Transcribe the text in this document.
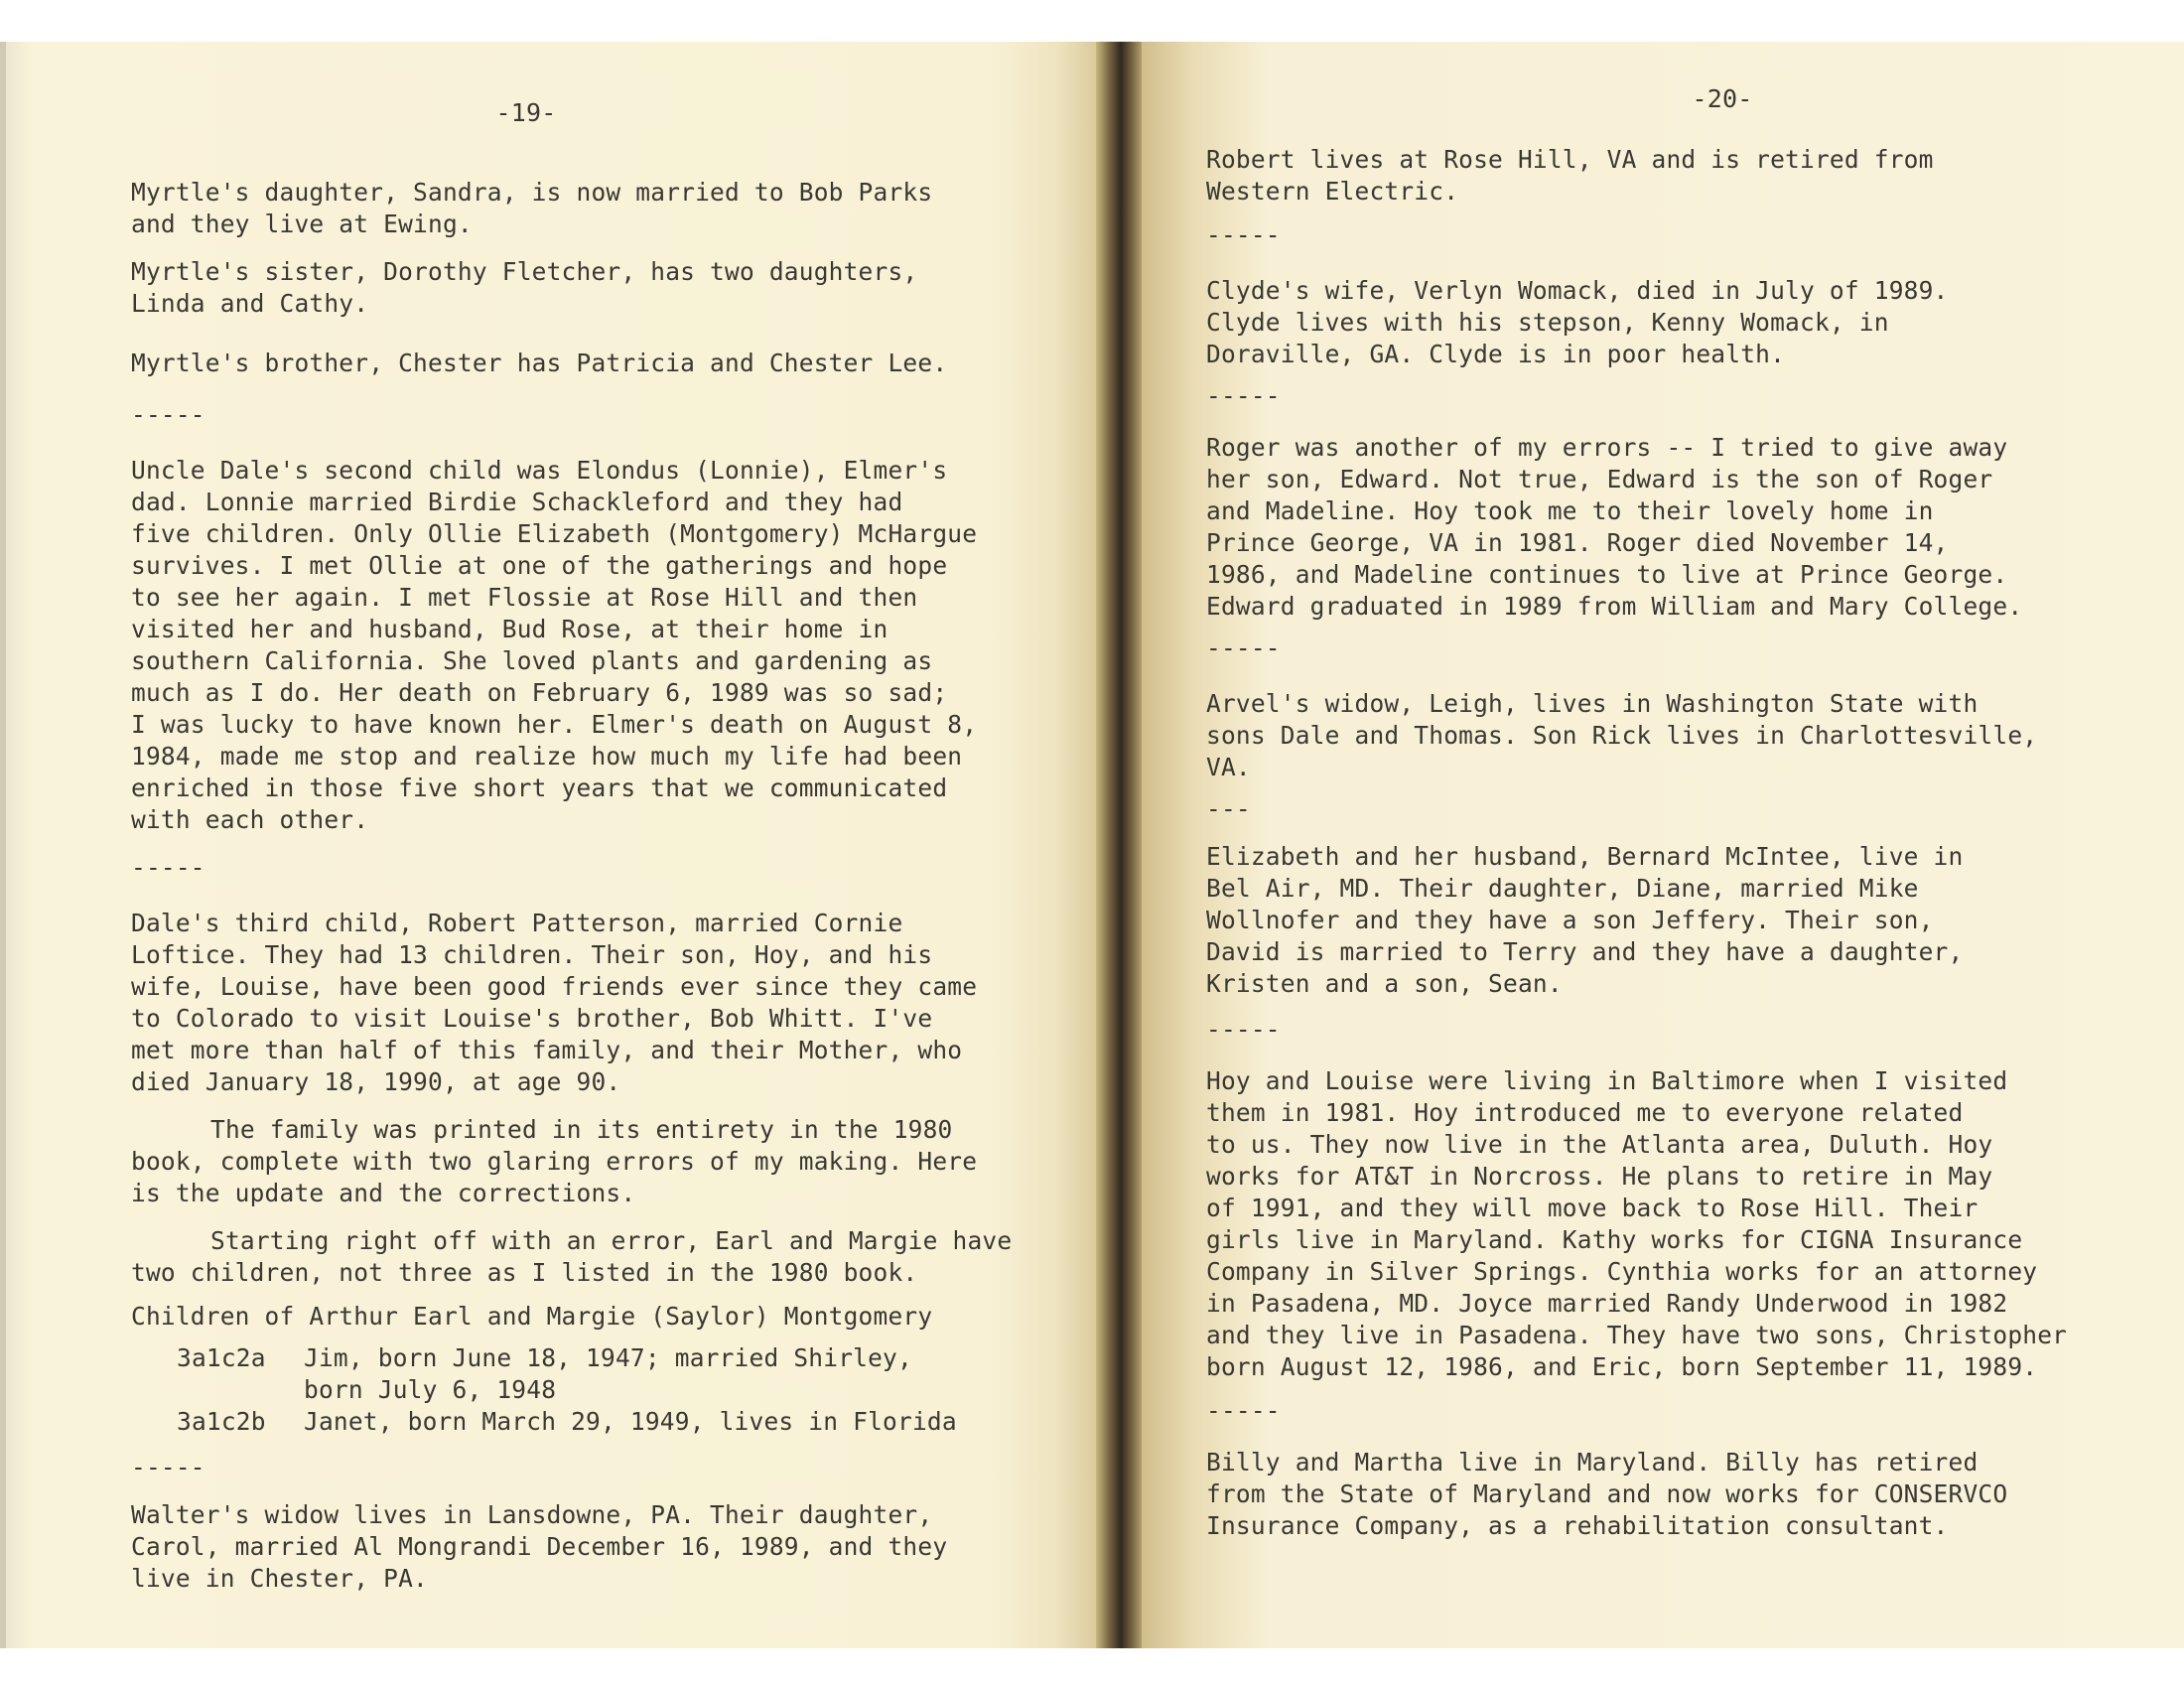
-19-

Myrtle's daughter, Sandra, is now married to Bob Parks
and they live at Ewing.

Myrtle's sister, Dorothy Fletcher, has two daughters,
Linda and Cathy.

Myrtle's brother, Chester has Patricia and Chester Lee.

-----

Uncle Dale's second child was Elondus (Lonnie), Elmer's
dad. Lonnie married Birdie Schackleford and they had
five children. Only Ollie Elizabeth (Montgomery) McHargue
survives. I met Ollie at one of the gatherings and hope
to see her again. I met Flossie at Rose Hill and then
visited her and husband, Bud Rose, at their home in
southern California. She loved plants and gardening as
much as I do. Her death on February 6, 1989 was so sad;
I was lucky to have known her. Elmer's death on August 8,
1984, made me stop and realize how much my life had been
enriched in those five short years that we communicated
with each other.

-----

Dale's third child, Robert Patterson, married Cornie
Loftice. They had 13 children. Their son, Hoy, and his
wife, Louise, have been good friends ever since they came
to Colorado to visit Louise's brother, Bob Whitt. I've
met more than half of this family, and their Mother, who
died January 18, 1990, at age 90.

The family was printed in its entirety in the 1980
book, complete with two glaring errors of my making. Here
is the update and the corrections.

Starting right off with an error, Earl and Margie have
two children, not three as I listed in the 1980 book.

Children of Arthur Earl and Margie (Saylor) Montgomery

3a1c2a	Jim, born June 18, 1947; married Shirley,
born July 6, 1948
3a1c2b	Janet, born March 29, 1949, lives in Florida
-----

Walter's widow lives in Lansdowne, PA. Their daughter,
Carol, married Al Mongrandi December 16, 1989, and they
live in Chester, PA.

-20-

Robert lives at Rose Hill, VA and is retired from
Western Electric.

-----

Clyde's wife, Verlyn Womack, died in July of 1989.
Clyde lives with his stepson, Kenny Womack, in
Doraville, GA. Clyde is in poor health.

-----

Roger was another of my errors -- I tried to give away
her son, Edward. Not true, Edward is the son of Roger
and Madeline. Hoy took me to their lovely home in
Prince George, VA in 1981. Roger died November 14,
1986, and Madeline continues to live at Prince George.
Edward graduated in 1989 from William and Mary College.

-----

Arvel's widow, Leigh, lives in Washington State with
sons Dale and Thomas. Son Rick lives in Charlottesville,
VA.

---

Elizabeth and her husband, Bernard McIntee, live in
Bel Air, MD. Their daughter, Diane, married Mike
Wollnofer and they have a son Jeffery. Their son,
David is married to Terry and they have a daughter,
Kristen and a son, Sean.

-----

Hoy and Louise were living in Baltimore when I visited
them in 1981. Hoy introduced me to everyone related
to us. They now live in the Atlanta area, Duluth. Hoy
works for AT&T in Norcross. He plans to retire in May
of 1991, and they will move back to Rose Hill. Their
girls live in Maryland. Kathy works for CIGNA Insurance
Company in Silver Springs. Cynthia works for an attorney
in Pasadena, MD. Joyce married Randy Underwood in 1982
and they live in Pasadena. They have two sons, Christopher
born August 12, 1986, and Eric, born September 11, 1989.

-----

Billy and Martha live in Maryland. Billy has retired
from the State of Maryland and now works for CONSERVCO
Insurance Company, as a rehabilitation consultant.
